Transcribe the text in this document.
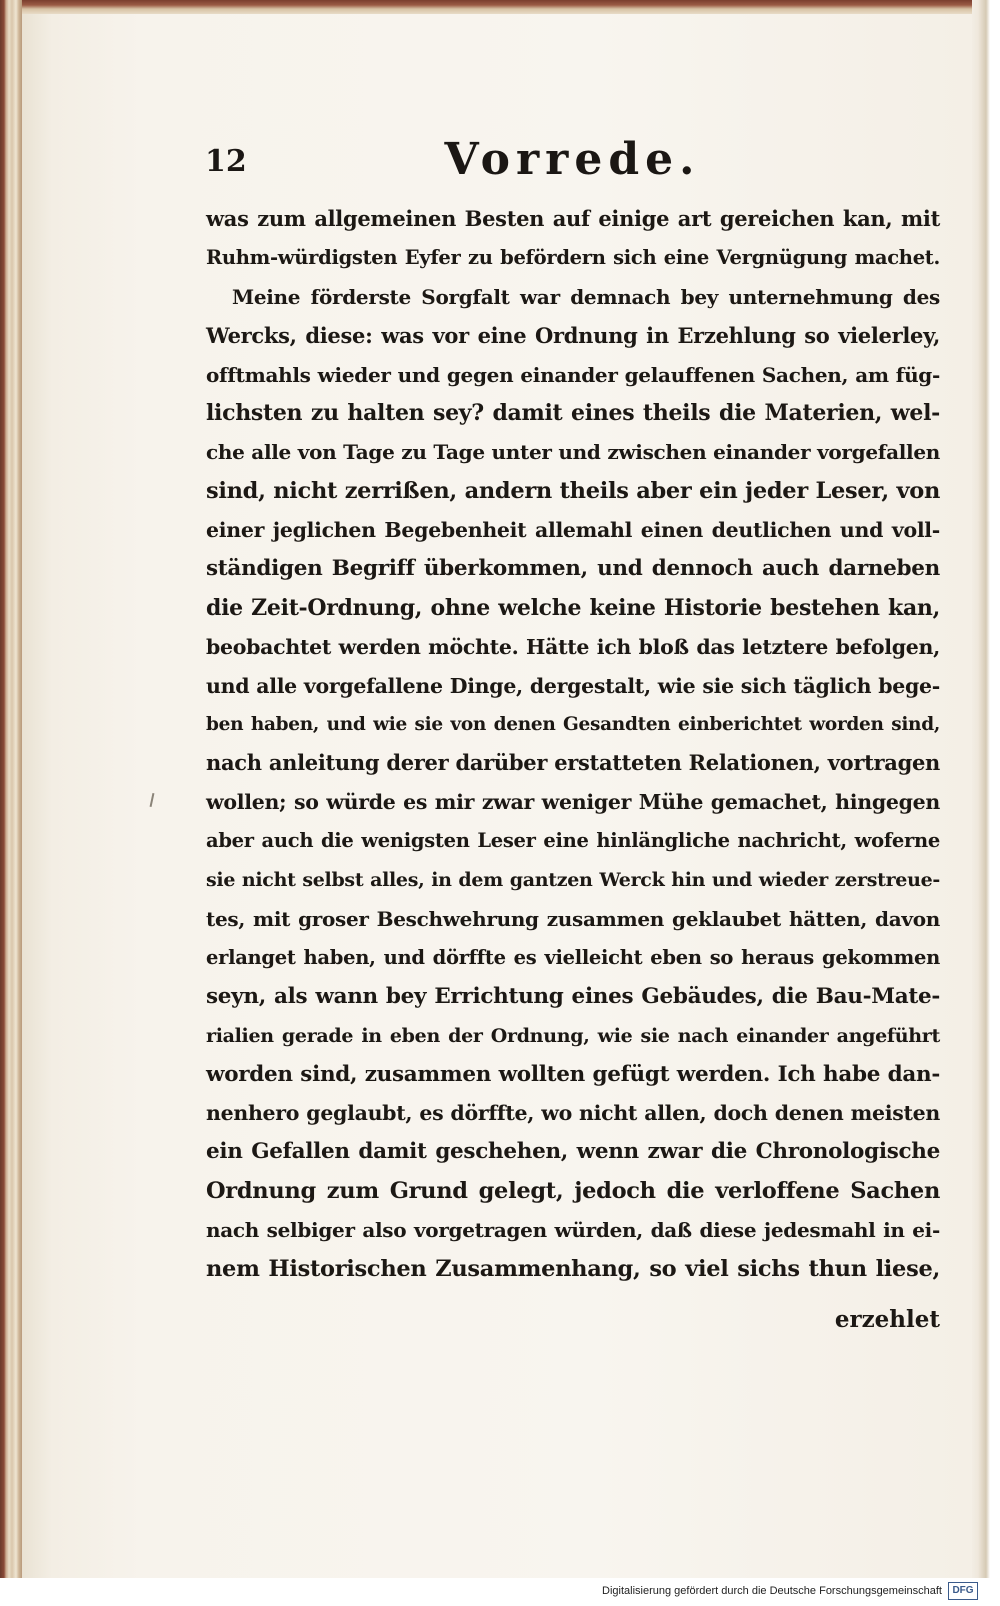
12	Vorrede.
was zum allgemeinen Besten auf einige art gereichen kan, mit
Ruhm-würdigsten Eyfer zu befördern sich eine Vergnügung machet.
Meine förderste Sorgfalt war demnach bey unternehmung des
Wercks, diese: was vor eine Ordnung in Erzehlung so vielerley,
offtmahls wieder und gegen einander gelauffenen Sachen, am füg-
lichsten zu halten sey? damit eines theils die Materien, wel-
che alle von Tage zu Tage unter und zwischen einander vorgefallen
sind, nicht zerrißen, andern theils aber ein jeder Leser, von
einer jeglichen Begebenheit allemahl einen deutlichen und voll-
ständigen Begriff überkommen, und dennoch auch darneben
die Zeit-Ordnung, ohne welche keine Historie bestehen kan,
beobachtet werden möchte. Hätte ich bloß das letztere befolgen,
und alle vorgefallene Dinge, dergestalt, wie sie sich täglich bege-
ben haben, und wie sie von denen Gesandten einberichtet worden sind,
nach anleitung derer darüber erstatteten Relationen, vortragen
wollen; so würde es mir zwar weniger Mühe gemachet, hingegen
aber auch die wenigsten Leser eine hinlängliche nachricht, woferne
sie nicht selbst alles, in dem gantzen Werck hin und wieder zerstreue-
tes, mit groser Beschwehrung zusammen geklaubet hätten, davon
erlanget haben, und dörffte es vielleicht eben so heraus gekommen
seyn, als wann bey Errichtung eines Gebäudes, die Bau-Mate-
rialien gerade in eben der Ordnung, wie sie nach einander angeführt
worden sind, zusammen wollten gefügt werden. Ich habe dan-
nenhero geglaubt, es dörffte, wo nicht allen, doch denen meisten
ein Gefallen damit geschehen, wenn zwar die Chronologische
Ordnung zum Grund gelegt, jedoch die verloffene Sachen
nach selbiger also vorgetragen würden, daß diese jedesmahl in ei-
nem Historischen Zusammenhang, so viel sichs thun liese,
erzehlet
Digitalisierung gefördert durch die Deutsche Forschungsgemeinschaft	DFG
